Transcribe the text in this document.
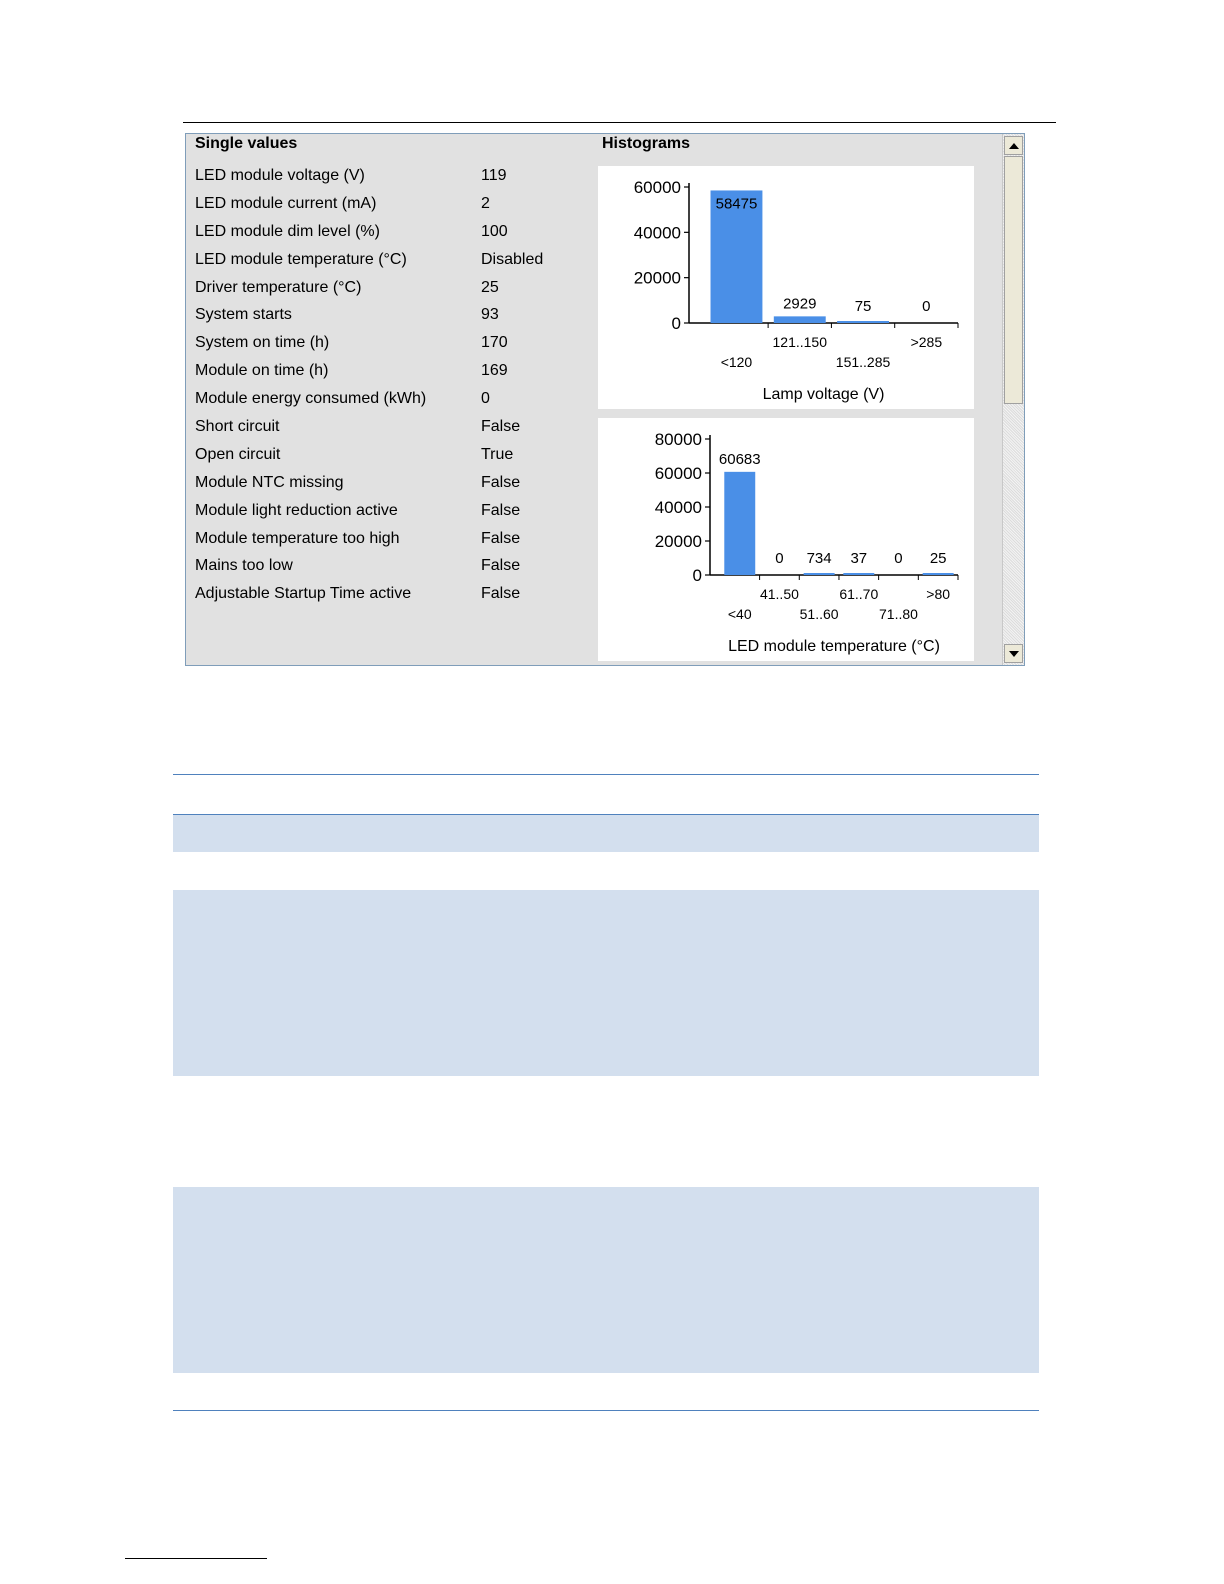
Single values	Histograms
LED module voltage (V)	119
LED module current (mA)	2
LED module dim level (%)	100
LED module temperature (°C)	Disabled
Driver temperature (°C)	25
System starts	93
System on time (h)	170
Module on time (h)	169
Module energy consumed (kWh)	0
Short circuit	False
Open circuit	True
Module NTC missing	False
Module light reduction active	False
Module temperature too high	False
Mains too low	False
Adjustable Startup Time active	False
0
20000
40000
60000
58475
<120
2929
121..150
75
151..285
0
>285
Lamp voltage (V)
0
20000
40000
60000
80000
60683
<40
0
41..50
734
51..60
37
61..70
0
71..80
25
>80
LED module temperature (°C)
